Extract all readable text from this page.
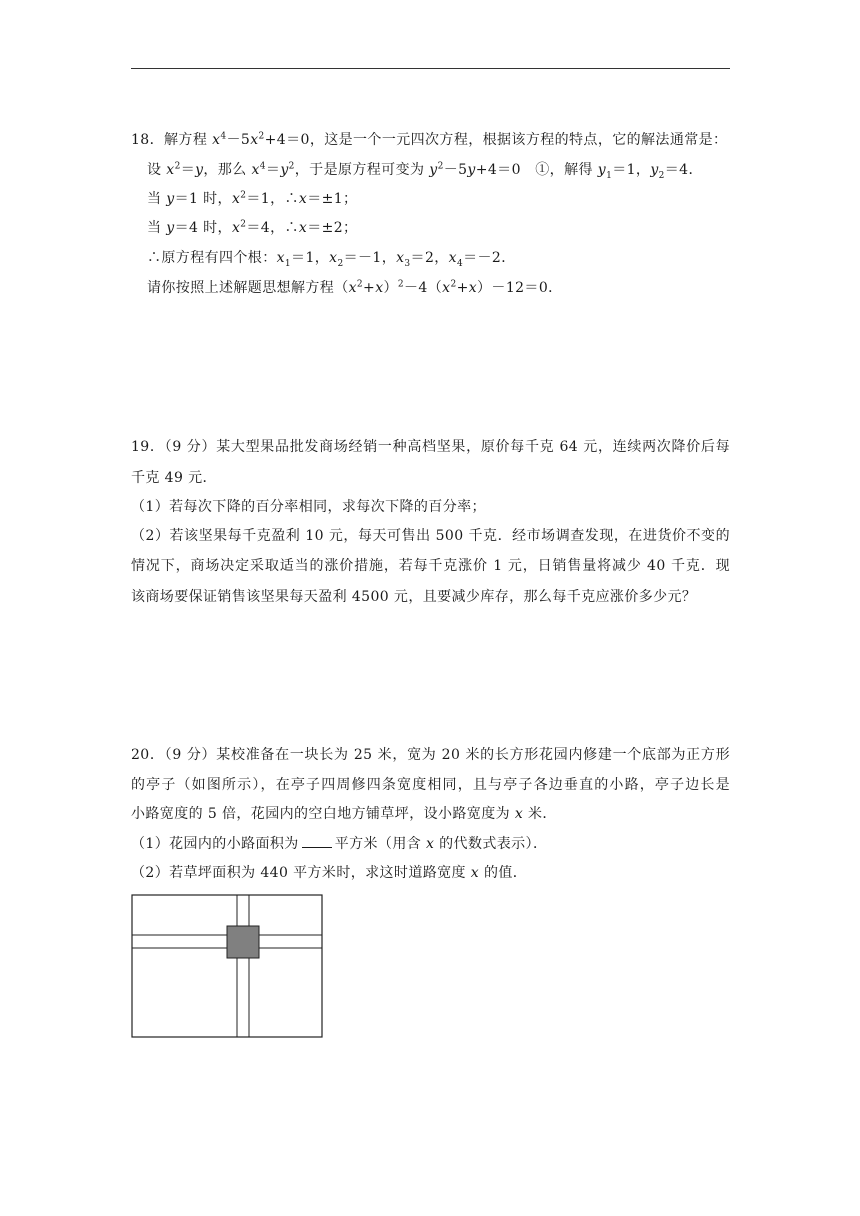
18．解方程 $x^4-5x^2+4=0$，这是一个一元四次方程，根据该方程的特点，它的解法通常是：
设 $x^2=y$，那么 $x^4=y^2$，于是原方程可变为 $y^2-5y+4=0$　①，解得 $y_1=1$，$y_2=4$．
当 y＝1 时，$x^2=1$，∴x＝±1；
当 y＝4 时，$x^2=4$，∴x＝±2；
∴原方程有四个根：$x_1=1$，$x_2=-1$，$x_3=2$，$x_4=-2$．
请你按照上述解题思想解方程$(x^2+x)^2-4(x^2+x)-12=0$．
19．（9 分）某大型果品批发商场经销一种高档坚果，原价每千克 64 元，连续两次降价后每
千克 49 元．
（1）若每次下降的百分率相同，求每次下降的百分率；
（2）若该坚果每千克盈利 10 元，每天可售出 500 千克．经市场调查发现，在进货价不变的
情况下，商场决定采取适当的涨价措施，若每千克涨价 1 元，日销售量将减少 40 千克．现
该商场要保证销售该坚果每天盈利 4500 元，且要减少库存，那么每千克应涨价多少元？
20．（9 分）某校准备在一块长为 25 米，宽为 20 米的长方形花园内修建一个底部为正方形
的亭子（如图所示），在亭子四周修四条宽度相同，且与亭子各边垂直的小路，亭子边长是
小路宽度的 5 倍，花园内的空白地方铺草坪，设小路宽度为 x 米．
（1）花园内的小路面积为	平方米（用含 x 的代数式表示）．
（2）若草坪面积为 440 平方米时，求这时道路宽度 x 的值．
